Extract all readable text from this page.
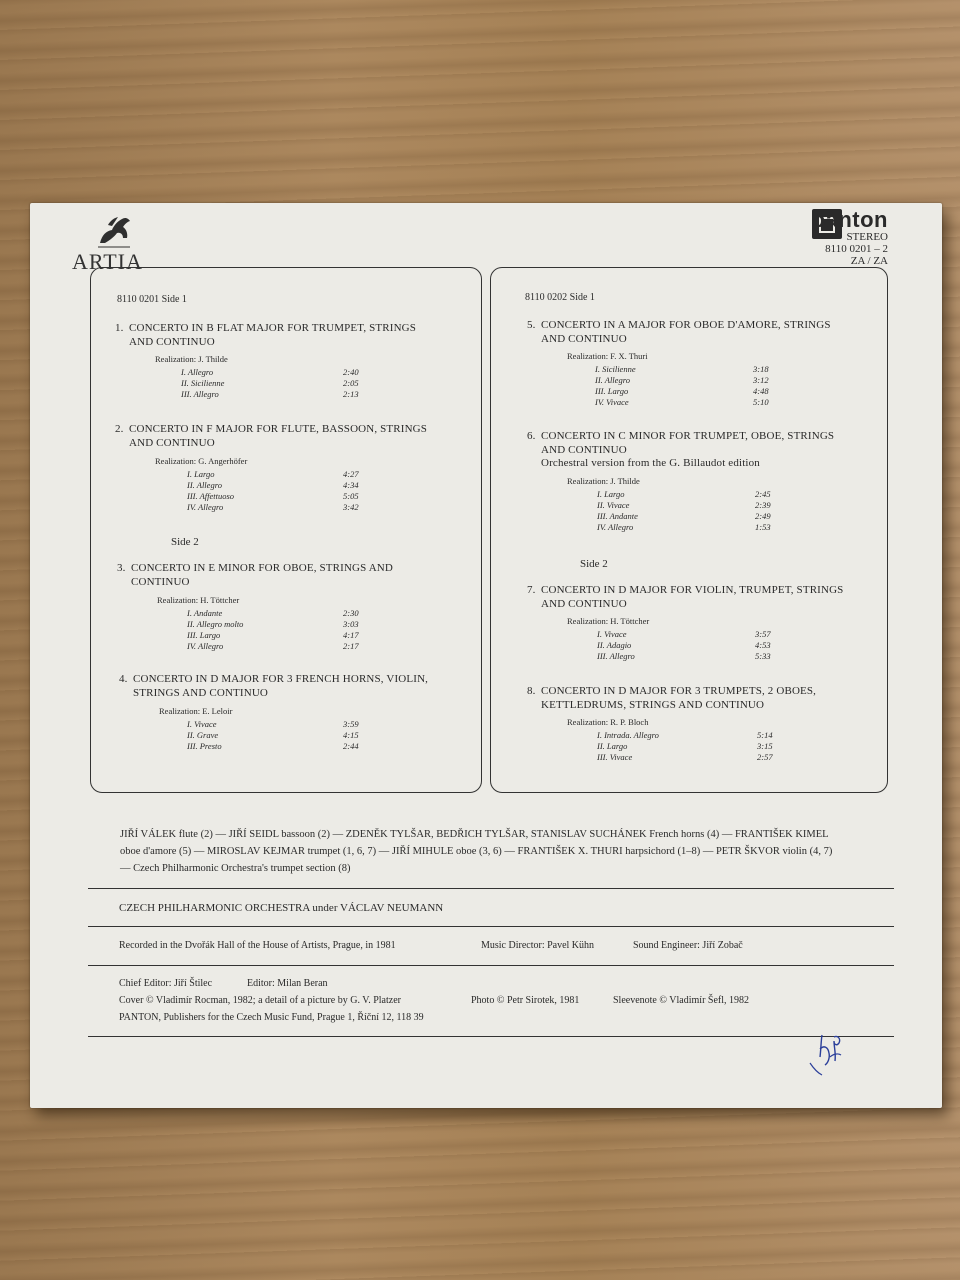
ARTIA
panton
STEREO
8110 0201 – 2
ZA / ZA
8110 0201 Side 1
1. CONCERTO IN B FLAT MAJOR FOR TRUMPET, STRINGS
AND CONTINUO
Realization: J. Thilde
I. Allegro	2:40
II. Sicilienne	2:05
III. Allegro	2:13
2. CONCERTO IN F MAJOR FOR FLUTE, BASSOON, STRINGS
AND CONTINUO
Realization: G. Angerhöfer
I. Largo	4:27
II. Allegro	4:34
III. Affettuoso	5:05
IV. Allegro	3:42
Side 2
3. CONCERTO IN E MINOR FOR OBOE, STRINGS AND
CONTINUO
Realization: H. Töttcher
I. Andante	2:30
II. Allegro molto	3:03
III. Largo	4:17
IV. Allegro	2:17
4. CONCERTO IN D MAJOR FOR 3 FRENCH HORNS, VIOLIN,
STRINGS AND CONTINUO
Realization: E. Leloir
I. Vivace	3:59
II. Grave	4:15
III. Presto	2:44
8110 0202 Side 1
5. CONCERTO IN A MAJOR FOR OBOE D'AMORE, STRINGS
AND CONTINUO
Realization: F. X. Thuri
I. Sicilienne	3:18
II. Allegro	3:12
III. Largo	4:48
IV. Vivace	5:10
6. CONCERTO IN C MINOR FOR TRUMPET, OBOE, STRINGS
AND CONTINUO
Orchestral version from the G. Billaudot edition
Realization: J. Thilde
I. Largo	2:45
II. Vivace	2:39
III. Andante	2:49
IV. Allegro	1:53
Side 2
7. CONCERTO IN D MAJOR FOR VIOLIN, TRUMPET, STRINGS
AND CONTINUO
Realization: H. Töttcher
I. Vivace	3:57
II. Adagio	4:53
III. Allegro	5:33
8. CONCERTO IN D MAJOR FOR 3 TRUMPETS, 2 OBOES,
KETTLEDRUMS, STRINGS AND CONTINUO
Realization: R. P. Bloch
I. Intrada. Allegro	5:14
II. Largo	3:15
III. Vivace	2:57
JIŘÍ VÁLEK flute (2) — JIŘÍ SEIDL bassoon (2) — ZDENĚK TYLŠAR, BEDŘICH TYLŠAR, STANISLAV SUCHÁNEK French horns (4) — FRANTIŠEK KIMEL
oboe d'amore (5) — MIROSLAV KEJMAR trumpet (1, 6, 7) — JIŘÍ MIHULE oboe (3, 6) — FRANTIŠEK X. THURI harpsichord (1–8) — PETR ŠKVOR violin (4, 7)
— Czech Philharmonic Orchestra's trumpet section (8)
CZECH PHILHARMONIC ORCHESTRA under VÁCLAV NEUMANN
Recorded in the Dvořák Hall of the House of Artists, Prague, in 1981	Music Director: Pavel Kühn	Sound Engineer: Jiří Zobač
Chief Editor: Jiří Štilec	Editor: Milan Beran
Cover © Vladimír Rocman, 1982; a detail of a picture by G. V. Platzer	Photo © Petr Sirotek, 1981	Sleevenote © Vladimír Šefl, 1982
PANTON, Publishers for the Czech Music Fund, Prague 1, Říční 12, 118 39
